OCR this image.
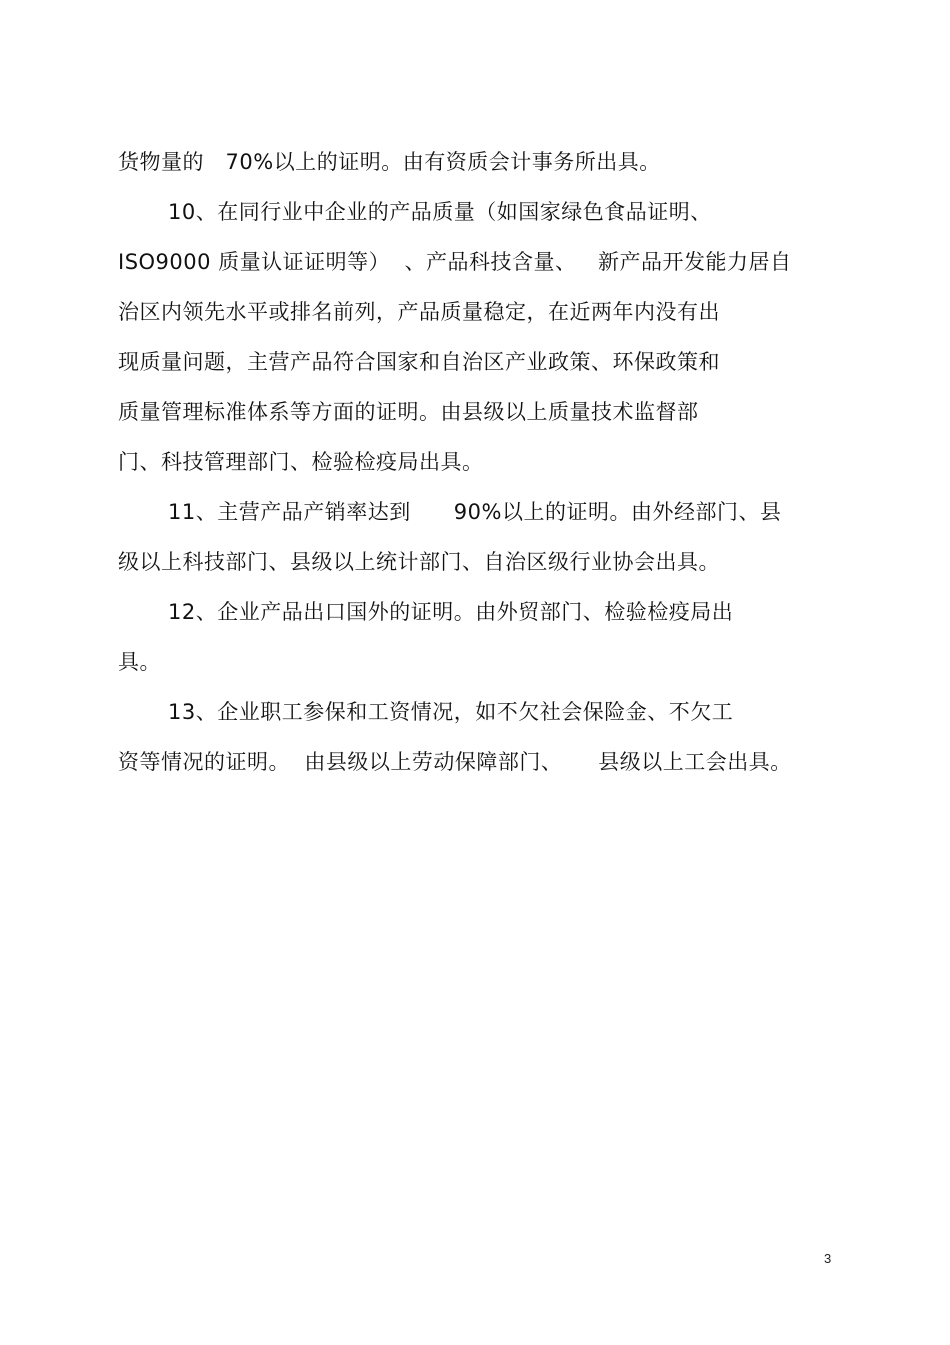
货物量的   70%以上的证明。由有资质会计事务所出具。
10、在同行业中企业的产品质量（如国家绿色食品证明、
ISO9000 质量认证证明等）  、产品科技含量、   新产品开发能力居自
治区内领先水平或排名前列，产品质量稳定，在近两年内没有出
现质量问题，主营产品符合国家和自治区产业政策、环保政策和
质量管理标准体系等方面的证明。由县级以上质量技术监督部
门、科技管理部门、检验检疫局出具。
11、主营产品产销率达到      90%以上的证明。由外经部门、县
级以上科技部门、县级以上统计部门、自治区级行业协会出具。
12、企业产品出口国外的证明。由外贸部门、检验检疫局出
具。
13、企业职工参保和工资情况，如不欠社会保险金、不欠工
资等情况的证明。  由县级以上劳动保障部门、     县级以上工会出具。
3
